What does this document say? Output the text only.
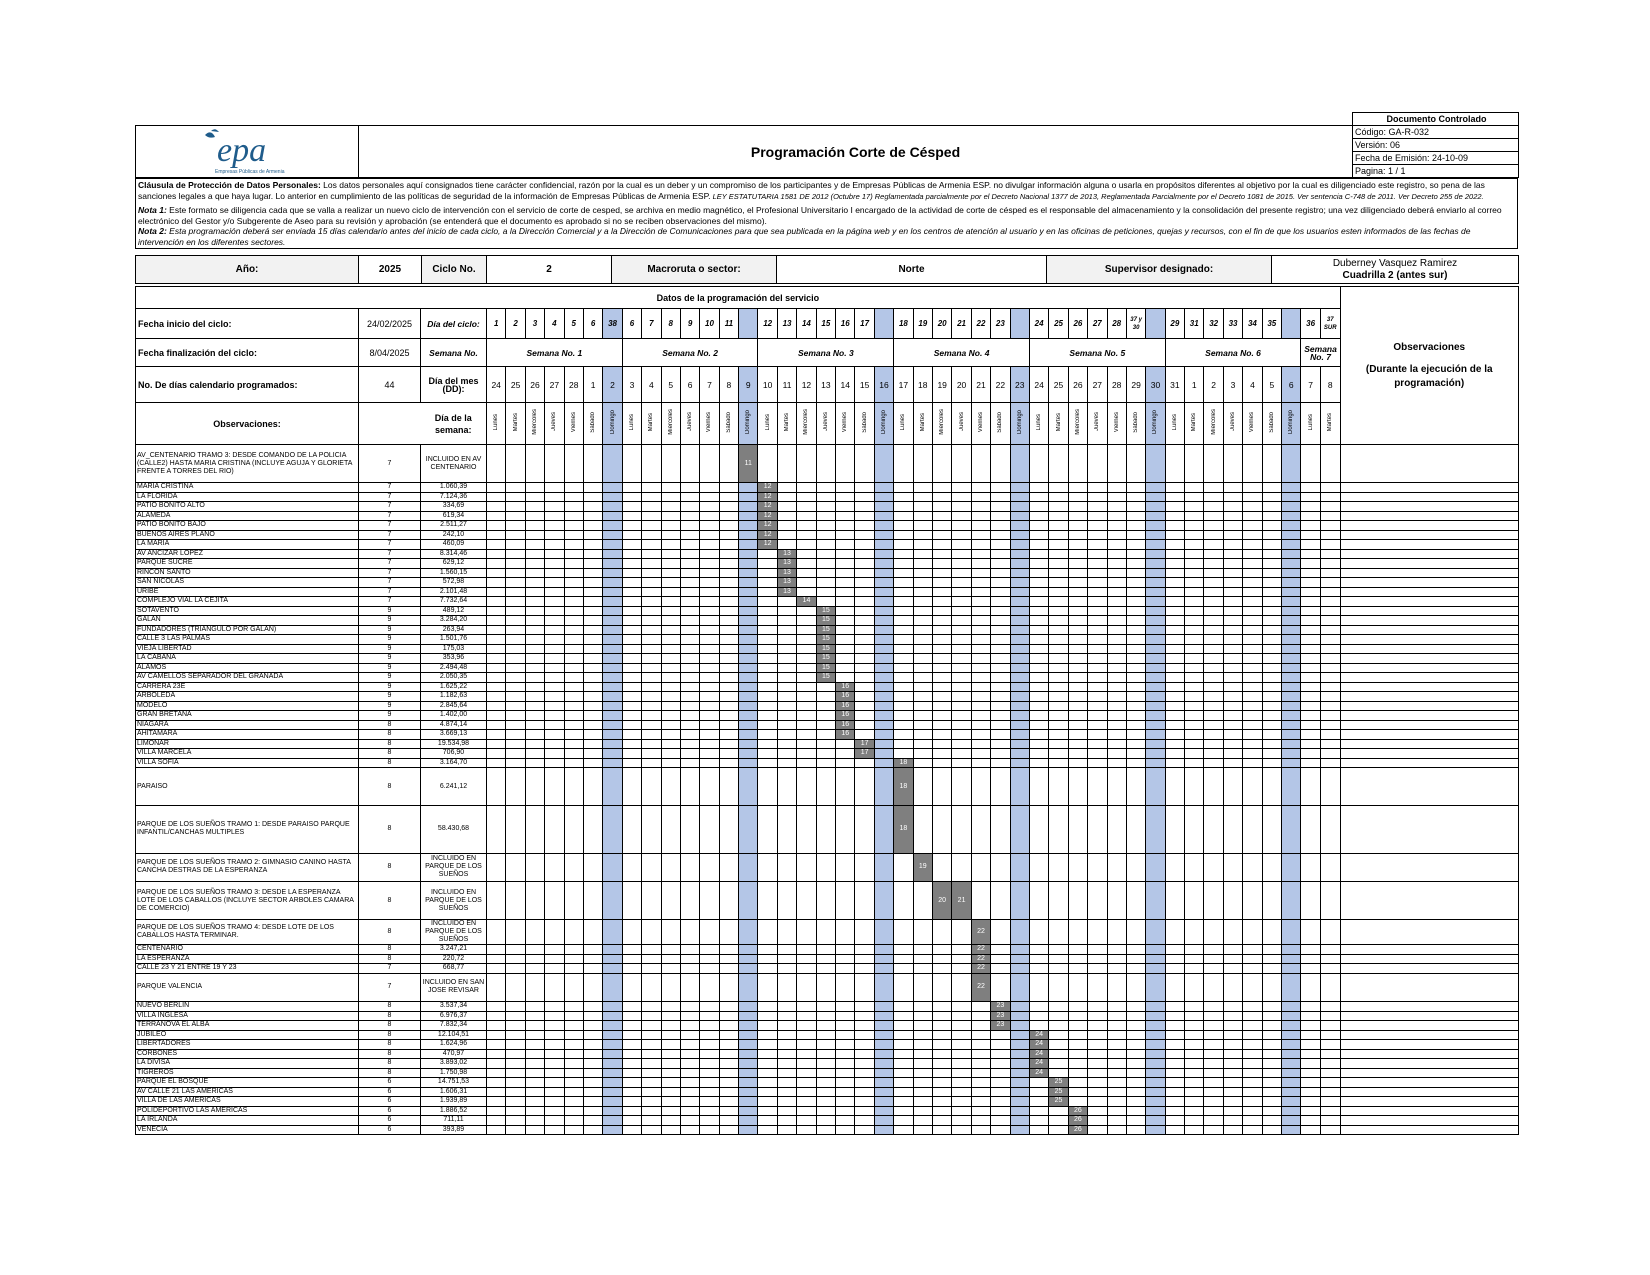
		Documento Controlado

epa
Empresas Públicas de Armenia	Programación Corte de Césped	Código: GA-R-032
		Versión: 06
		Fecha de Emisión: 24-10-09
		Pagina: 1 / 1
Cláusula de Protección de Datos Personales: Los datos personales aquí consignados tiene carácter confidencial, razón por la cual es un deber y un compromiso de los participantes y de Empresas Públicas de Armenia ESP. no divulgar información alguna o usarla en propósitos diferentes al objetivo por la cual es diligenciado este registro, so pena de las sanciones legales a que haya lugar. Lo anterior en cumplimiento de las políticas de seguridad de la información de Empresas Públicas de Armenia ESP. LEY ESTATUTARIA 1581 DE 2012 (Octubre 17) Reglamentada parcialmente por el Decreto Nacional 1377 de 2013, Reglamentada Parcialmente por el Decreto 1081 de 2015. Ver sentencia C-748 de 2011. Ver Decreto 255 de 2022.
Nota 1: Este formato se diligencia cada que se valla a realizar un nuevo ciclo de intervención con el servicio de corte de cesped, se archiva en medio magnético, el Profesional Universitario I encargado de la actividad de corte de césped es el responsable del almacenamiento y la consolidación del presente registro; una vez diligenciado deberá enviarlo al correo electrónico del Gestor y/o Subgerente de Aseo para su revisión y aprobación (se entenderá que el documento es aprobado si no se reciben observaciones del mismo).
Nota 2: Esta programación deberá ser enviada 15 días calendario antes del inicio de cada ciclo, a la Dirección Comercial y a la Dirección de Comunicaciones para que sea publicada en la página web y en los centros de atención al usuario y en las oficinas de peticiones, quejas y recursos, con el fin de que los usuarios esten informados de las fechas de intervención en los diferentes sectores.
Año:	2025	Ciclo No.	2	Macroruta o sector:	Norte	Supervisor designado:	
Duberney Vasquez Ramirez
Cuadrilla 2 (antes sur)
Datos de la programación del servicio																																															Observaciones
(Durante la ejecución de la programación)

Fecha inicio del ciclo:	24/02/2025	Día del ciclo:	1	2	3	4	5	6	38	6	7	8	9	10	11		12	13	14	15	16	17		18	19	20	21	22	23		24	25	26	27	28	37 y 30		29	31	32	33	34	35		36	37 SUR	
Fecha finalización del ciclo:	8/04/2025	Semana No.	Semana No. 1							Semana No. 2							Semana No. 3							Semana No. 4							Semana No. 5							Semana No. 6							Semana No. 7		
No. De días calendario programados:	44	Día del mes (DD):	24	25	26	27	28	1	2	3	4	5	6	7	8	9	10	11	12	13	14	15	16	17	18	19	20	21	22	23	24	25	26	27	28	29	30	31	1	2	3	4	5	6	7	8	
Observaciones:	Día de la semana:		Lunes	Martes	Miércoles	Jueves	Viernes	Sábado	Domingo	Lunes	Martes	Miércoles	Jueves	Viernes	Sábado	Domingo	Lunes	Martes	Miércoles	Jueves	Viernes	Sábado	Domingo	Lunes	Martes	Miércoles	Jueves	Viernes	Sábado	Domingo	Lunes	Martes	Miércoles	Jueves	Viernes	Sábado	Domingo	Lunes	Martes	Miércoles	Jueves	Viernes	Sábado	Domingo	Lunes	Martes	
AV_CENTENARIO TRAMO 3: DESDE COMANDO DE LA POLICIA (CALLE2) HASTA MARIA CRISTINA (INCLUYE AGUJA Y GLORIETA FRENTE A TORRES DEL RIO)	7	INCLUIDO EN AV CENTENARIO														11																															
MARIA CRISTINA	7	1.060,39															12																														
LA FLORIDA	7	7.124,36															12																														
PATIO BONITO ALTO	7	334,69															12																														
ALAMEDA	7	619,34															12																														
PATIO BONITO BAJO	7	2.511,27															12																														
BUENOS AIRES PLANO	7	242,10															12																														
LA MARIA	7	460,09															12																														
AV ANCIZAR LOPEZ	7	8.314,46																13																													
PARQUE SUCRE	7	629,12																13																													
RINCON SANTO	7	1.560,15																13																													
SAN NICOLAS	7	572,98																13																													
URIBE	7	2.101,48																13																													
COMPLEJO VIAL LA CEJITA	7	7.732,64																	14																												
SOTAVENTO	9	489,12																		15																											
GALAN	9	3.284,20																		15																											
FUNDADORES (TRIANGULO POR GALAN)	9	263,94																		15																											
CALLE 3 LAS PALMAS	9	1.501,76																		15																											
VIEJA LIBERTAD	9	175,03																		15																											
LA CABAÑA	9	353,96																		15																											
ALAMOS	9	2.494,48																		15																											
AV CAMELLOS SEPARADOR DEL GRANADA	9	2.050,35																		15																											
CARRERA 23E	9	1.625,22																			16																										
ARBOLEDA	9	1.182,63																			16																										
MODELO	9	2.845,64																			16																										
GRAN BRETAÑA	9	1.402,00																			16																										
NIAGARA	8	4.874,14																			16																										
AHITAMARA	8	3.669,13																			16																										
LIMONAR	8	19.534,98																				17																									
VILLA MARCELA	8	706,90																				17																									
VILLA SOFIA	8	3.164,70																						18																							
PARAISO	8	6.241,12																						18																							
PARQUE DE LOS SUEÑOS TRAMO 1: DESDE PARAISO PARQUE INFANTIL/CANCHAS MULTIPLES	8	58.430,68																						18																							
PARQUE DE LOS SUEÑOS TRAMO 2: GIMNASIO CANINO HASTA CANCHA DESTRAS DE LA ESPERANZA	8	INCLUIDO EN PARQUE DE LOS SUEÑOS																							19																						
PARQUE DE LOS SUEÑOS TRAMO 3: DESDE LA ESPERANZA LOTE DE LOS CABALLOS (INCLUYE SECTOR ARBOLES CAMARA DE COMERCIO)	8	INCLUIDO EN PARQUE DE LOS SUEÑOS																								20	21																				
PARQUE DE LOS SUEÑOS TRAMO 4: DESDE LOTE DE LOS CABALLOS HASTA TERMINAR.	8	INCLUIDO EN PARQUE DE LOS SUEÑOS																										22																			
CENTENARIO	8	3.247,21																										22																			
LA ESPERANZA	8	220,72																										22																			
CALLE 23 Y 21 ENTRE 19 Y 23	7	668,77																										22																			
PARQUE VALENCIA	7	INCLUIDO EN SAN JOSE REVISAR																										22																			
NUEVO BERLIN	8	3.537,34																											23																		
VILLA INGLESA	8	6.976,37																											23																		
TERRANOVA EL ALBA	8	7.832,34																											23																		
JUBILEO	8	12.104,51																													24																
LIBERTADORES	8	1.624,96																													24																
CORBONES	8	470,97																													24																
LA DIVISA	8	3.893,02																													24																
TIGREROS	8	1.750,98																													24																
PARQUE EL BOSQUE	6	14.751,53																														25															
AV CALLE 21 LAS AMERICAS	6	1.606,31																														25															
VILLA DE LAS AMERICAS	6	1.939,89																														25															
POLIDEPORTIVO LAS AMERICAS	6	1.886,52																															26														
LA IRLANDA	6	711,11																															26														
VENECIA	6	393,89																															26														
